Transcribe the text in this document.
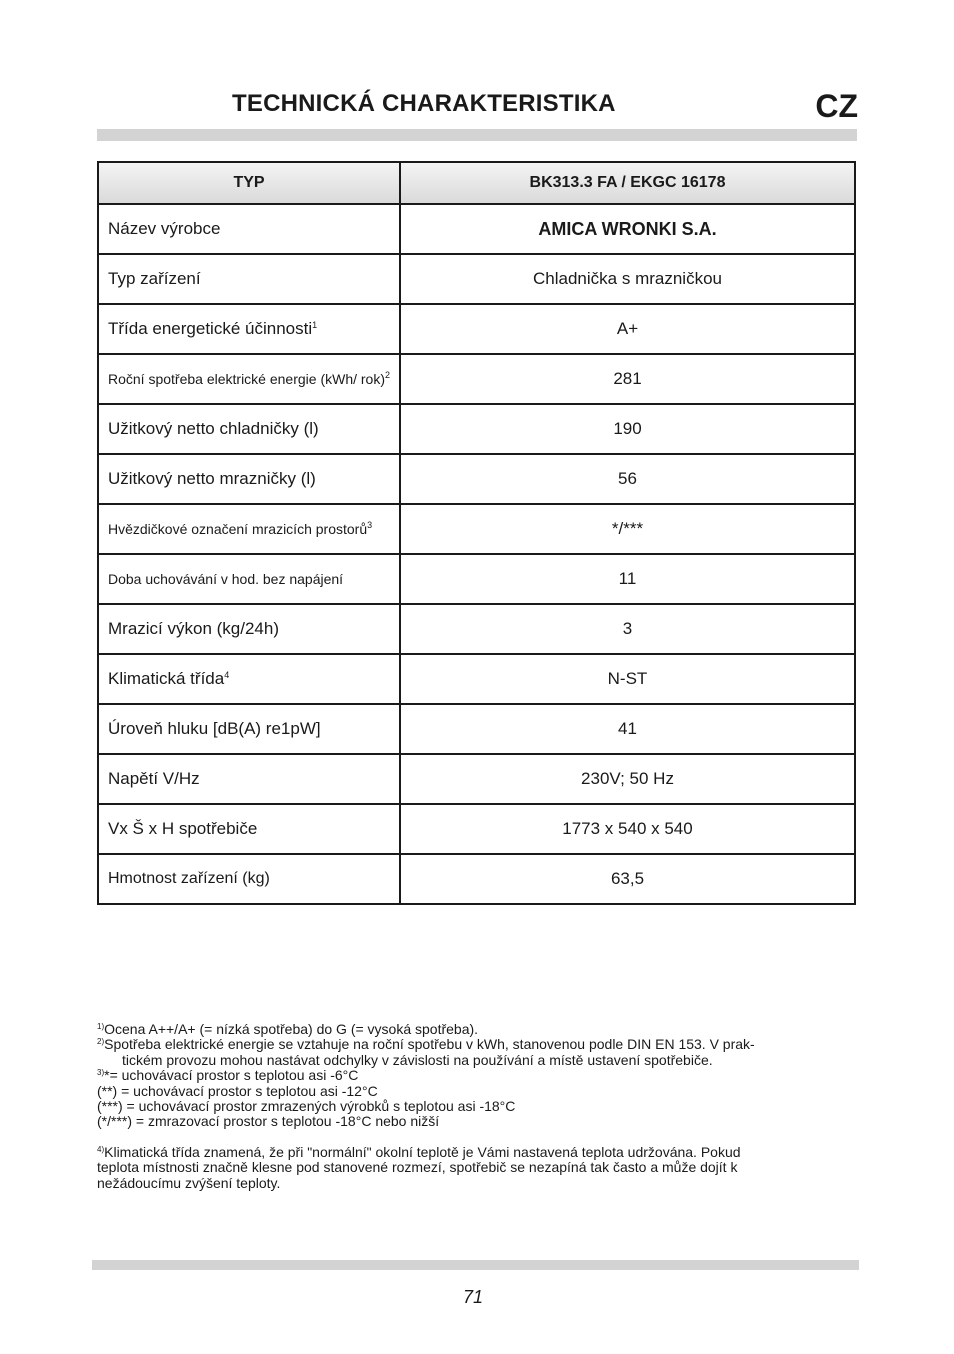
TECHNICKÁ CHARAKTERISTIKA	CZ
TYP	BK313.3 FA / EKGC 16178
Název výrobce	AMICA WRONKI S.A.
Typ zařízení	Chladnička s mrazničkou
Třída energetické účinnosti$^1$	A+
Roční spotřeba elektrické energie (kWh/ rok)$^2$	281
Užitkový netto chladničky (l)	190
Užitkový netto mrazničky (l)	56
Hvězdičkové označení mrazicích prostorů$^3$	*/***
Doba uchovávání v hod. bez napájení	11
Mrazicí výkon (kg/24h)	3
Klimatická třída$^4$	N-ST
Úroveň hluku [dB(A) re1pW]	41
Napětí V/Hz	230V; 50 Hz
Vx Š x H spotřebiče	1773 x 540 x 540
Hmotnost zařízení (kg)	63,5

$^{1)}$Ocena A++/A+ (= nízká spotřeba) do G (= vysoká spotřeba).

$^{2)}$Spotřeba elektrické energie se vztahuje na roční spotřebu v kWh, stanovenou podle DIN EN 153. V prak-

tickém provozu mohou nastávat odchylky v závislosti na používání a místě ustavení spotřebiče.

$^{3)}$*= uchovávací prostor s teplotou asi -6°C

(**) = uchovávací prostor s teplotou asi -12°C

(***) = uchovávací prostor zmrazených výrobků s teplotou asi -18°C

(*/***) = zmrazovací prostor s teplotou -18°C nebo nižší

$^{4)}$Klimatická třída znamená, že při "normální" okolní teplotě je Vámi nastavená teplota udržována. Pokud

teplota místnosti značně klesne pod stanovené rozmezí, spotřebič se nezapíná tak často a může dojít k

nežádoucímu zvýšení teploty.

71
